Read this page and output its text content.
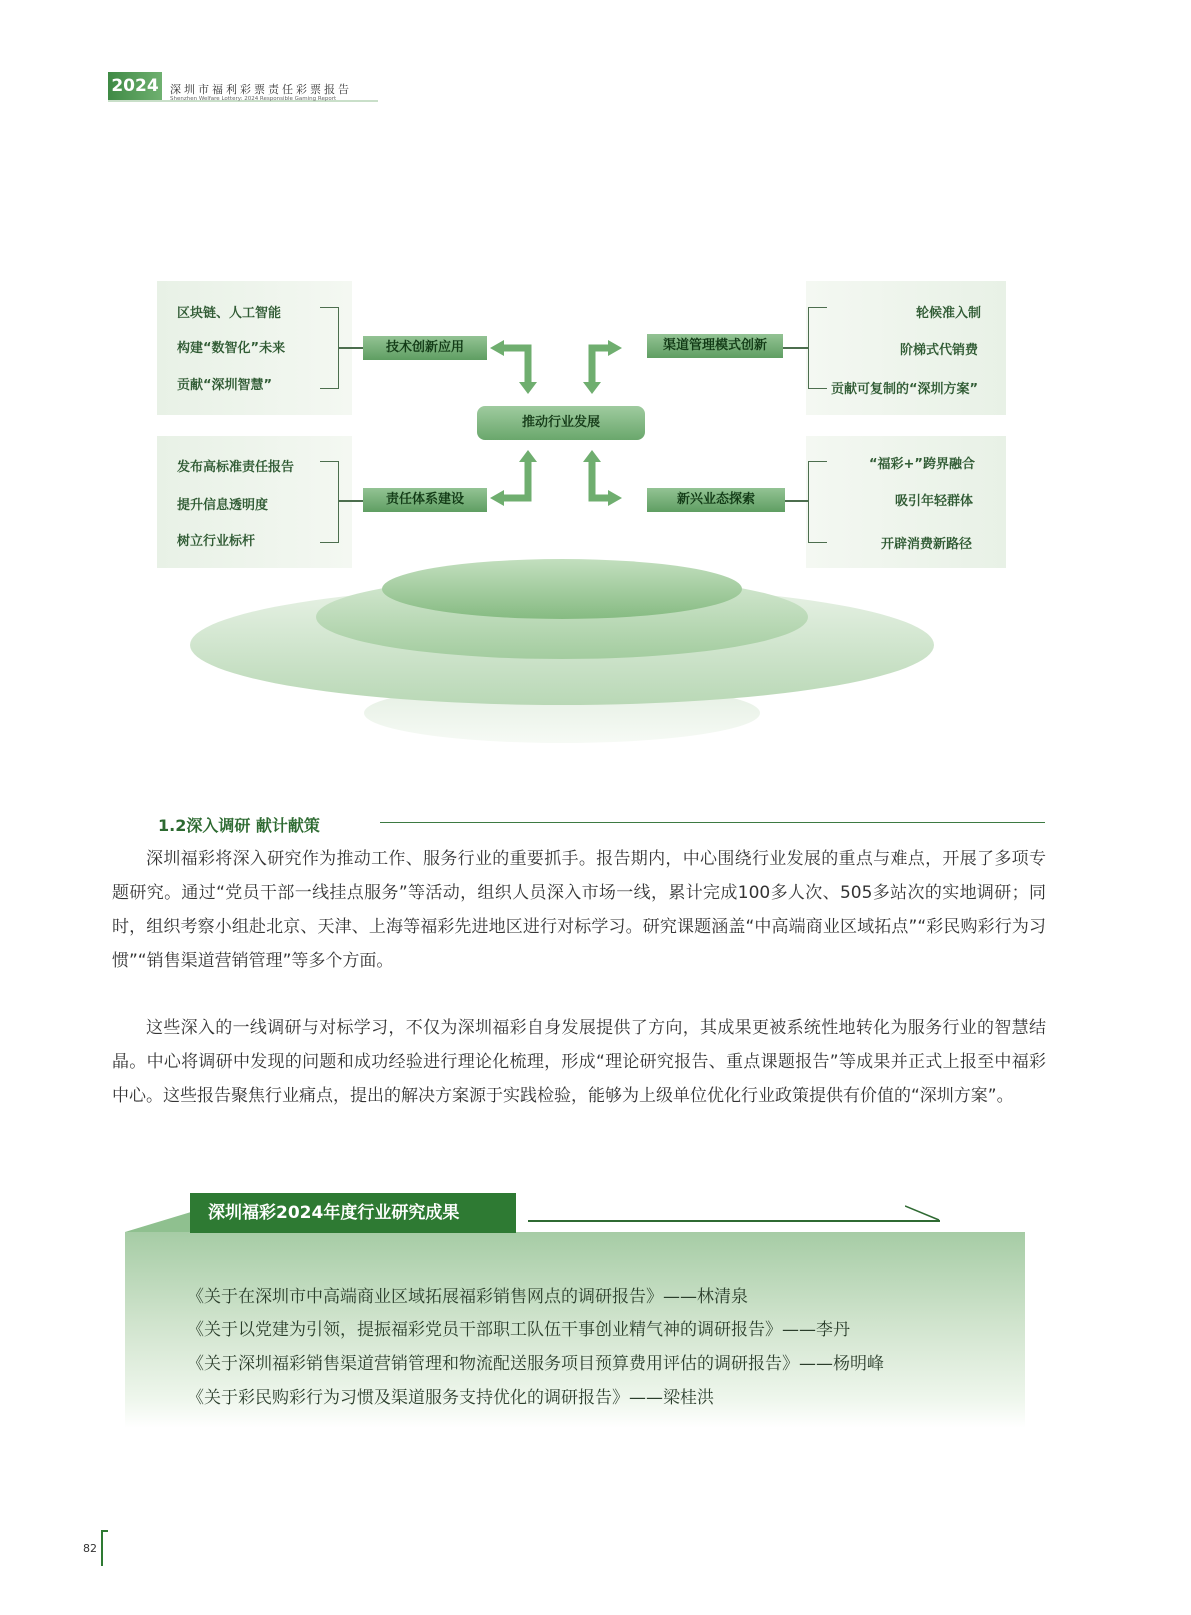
2024	深圳市福利彩票责任彩票报告
Shenzhen Welfare Lottery: 2024 Responsible Gaming Report
区块链、人工智能
构建“数智化”未来
贡献“深圳智慧”
技术创新应用
轮候准入制
阶梯式代销费
贡献可复制的“深圳方案”
渠道管理模式创新
发布高标准责任报告
提升信息透明度
树立行业标杆
责任体系建设
“福彩+”跨界融合
吸引年轻群体
开辟消费新路径
新兴业态探索
推动行业发展
1.2深入调研 献计献策
深圳福彩将深入研究作为推动工作、服务行业的重要抓手。报告期内，中心围绕行业发展的重点与难点，开展了多项专题研究。通过“党员干部一线挂点服务”等活动，组织人员深入市场一线，累计完成100多人次、505多站次的实地调研；同时，组织考察小组赴北京、天津、上海等福彩先进地区进行对标学习。研究课题涵盖“中高端商业区域拓点”“彩民购彩行为习惯”“销售渠道营销管理”等多个方面。
这些深入的一线调研与对标学习，不仅为深圳福彩自身发展提供了方向，其成果更被系统性地转化为服务行业的智慧结晶。中心将调研中发现的问题和成功经验进行理论化梳理，形成“理论研究报告、重点课题报告”等成果并正式上报至中福彩中心。这些报告聚焦行业痛点，提出的解决方案源于实践检验，能够为上级单位优化行业政策提供有价值的“深圳方案”。
深圳福彩2024年度行业研究成果
《关于在深圳市中高端商业区域拓展福彩销售网点的调研报告》——林清泉
《关于以党建为引领，提振福彩党员干部职工队伍干事创业精气神的调研报告》——李丹
《关于深圳福彩销售渠道营销管理和物流配送服务项目预算费用评估的调研报告》——杨明峰
《关于彩民购彩行为习惯及渠道服务支持优化的调研报告》——梁桂洪
82
